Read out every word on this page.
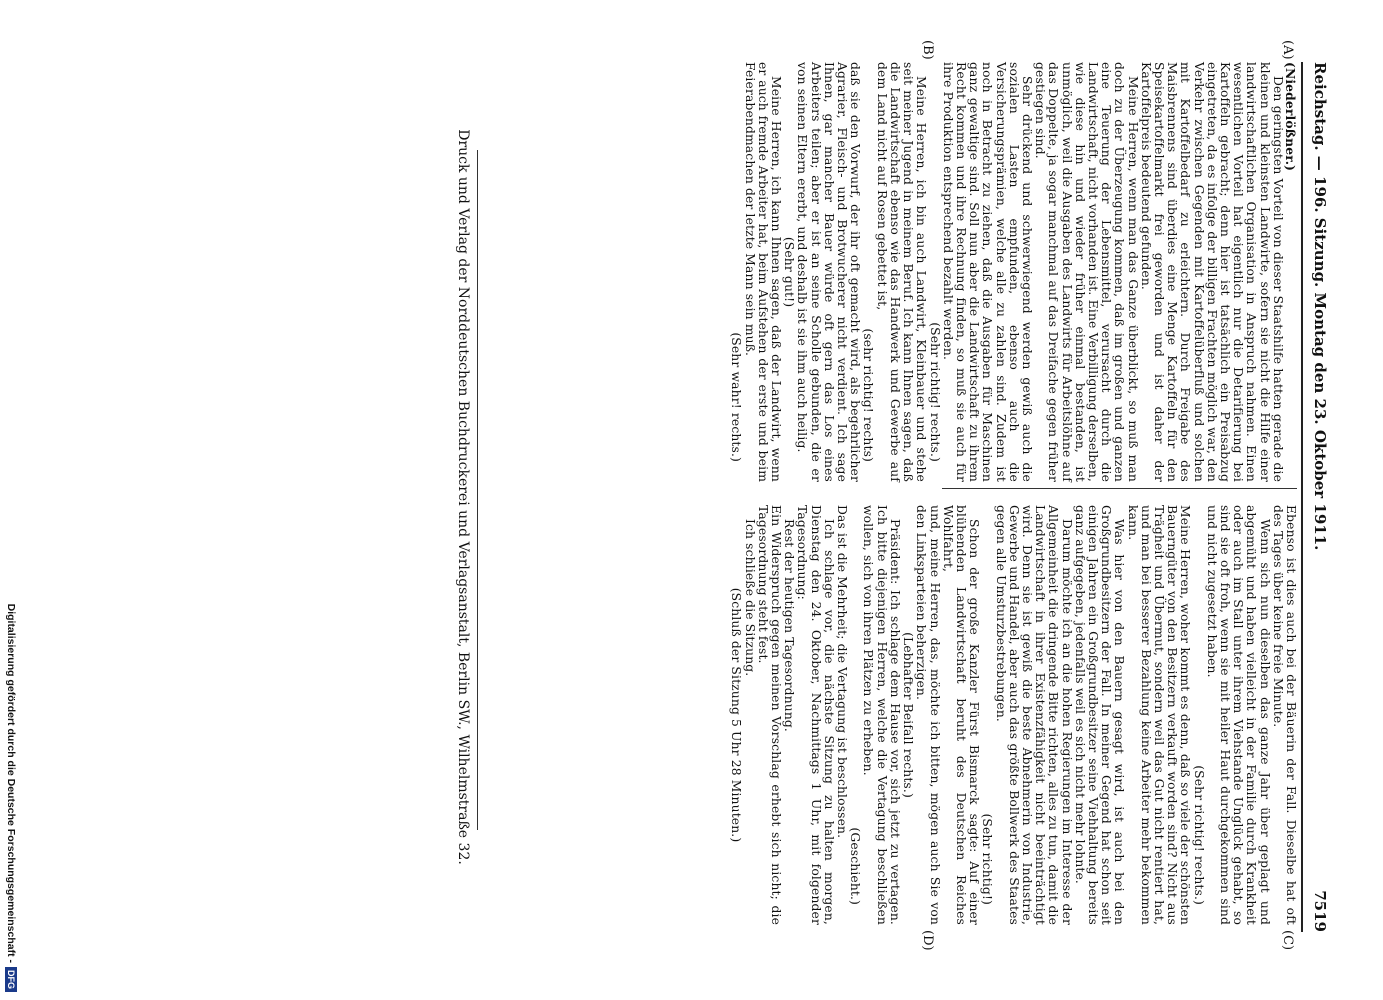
Reichstag. — 196. Sitzung. Montag den 23. Oktober 1911.
7519
(A)
(B)
(C)
(D)

(Niederlößner.)

Den geringsten Vorteil von dieser Staatshilfe hatten gerade die kleinen und kleinsten Landwirte, sofern sie nicht die Hilfe einer landwirtschaftlichen Organisation in Anspruch nahmen. Einen wesentlichen Vorteil hat eigentlich nur die Detarifierung bei Kartoffeln gebracht; denn hier ist tatsächlich ein Preisabzug eingetreten, da es infolge der billigen Frachten möglich war, den Verkehr zwischen Gegenden mit Kartoffelüberfluß und solchen mit Kartoffelbedarf zu erleichtern. Durch Freigabe des Maisbrennens sind überdies eine Menge Kartoffeln für den Speisekartoffelmarkt frei geworden und ist daher der Kartoffelpreis bedeutend gefunden.

Meine Herren, wenn man das Ganze überblickt, so muß man doch zu der Überzeugung kommen, daß im großen und ganzen eine Teuerung der Lebensmittel, verursacht durch die Landwirtschaft, nicht vorhanden ist. Eine Verbilligung derselben, wie diese hin und wieder früher einmal bestanden, ist unmöglich, weil die Ausgaben des Landwirts für Arbeitslöhne auf das Doppelte, ja sogar manchmal auf das Dreifache gegen früher gestiegen sind.

Sehr drückend und schwerwiegend werden gewiß auch die sozialen Lasten empfunden, ebenso auch die Versicherungsprämien, welche alle zu zahlen sind. Zudem ist noch in Betracht zu ziehen, daß die Ausgaben für Maschinen ganz gewaltige sind. Soll nun aber die Landwirtschaft zu ihrem Recht kommen und ihre Rechnung finden, so muß sie auch für ihre Produktion entsprechend bezahlt werden.

(Sehr richtig! rechts.)

Meine Herren, ich bin auch Landwirt, Kleinbauer und stehe seit meiner Jugend in meinem Beruf. Ich kann Ihnen sagen, daß die Landwirtschaft ebenso wie das Handwerk und Gewerbe auf dem Land nicht auf Rosen gebettet ist,

(sehr richtig! rechts)

daß sie den Vorwurf, der ihr oft gemacht wird, als begehrlicher Agrarier, Fleisch- und Brotwucherer nicht verdient. Ich sage Ihnen, gar mancher Bauer würde oft gern das Los eines Arbeiters teilen; aber er ist an seine Scholle gebunden, die er von seinen Eltern ererbt, und deshalb ist sie ihm auch heilig.

(Sehr gut!)

Meine Herren, ich kann Ihnen sagen, daß der Landwirt, wenn er auch fremde Arbeiter hat, beim Aufstehen der erste und beim Feierabendmachen der letzte Mann sein muß.

(Sehr wahr! rechts.)

Ebenso ist dies auch bei der Bäuerin der Fall. Dieselbe hat oft des Tages über keine freie Minute.

Wenn sich nun dieselben das ganze Jahr über geplagt und abgemüht und haben vielleicht in der Familie durch Krankheit oder auch im Stall unter ihrem Viehstande Unglück gehabt, so sind sie oft froh, wenn sie mit heiler Haut durchgekommen sind und nicht zugesetzt haben.

(Sehr richtig! rechts.)

Meine Herren, woher kommt es denn, daß so viele der schönsten Bauerngüter von den Besitzern verkauft worden sind? Nicht aus Trägheit und Übermut, sondern weil das Gut nicht rentiert hat, und man bei besserer Bezahlung keine Arbeiter mehr bekommen kann.

Was hier von den Bauern gesagt wird, ist auch bei den Großgrundbesitzern der Fall. In meiner Gegend hat schon seit einigen Jahren ein Großgrundbesitzer seine Viehhaltung bereits ganz aufgegeben, jedenfalls weil es sich nicht mehr lohnte.

Darum möchte ich an die hohen Regierungen im Interesse der Allgemeinheit die dringende Bitte richten, alles zu tun, damit die Landwirtschaft in ihrer Existenzfähigkeit nicht beeinträchtigt wird. Denn sie ist gewiß die beste Abnehmerin von Industrie, Gewerbe und Handel, aber auch das größte Bollwerk des Staates gegen alle Umsturzbestrebungen.

(Sehr richtig!)

Schon der große Kanzler Fürst Bismarck sagte: Auf einer blühenden Landwirtschaft beruht des Deutschen Reiches Wohlfahrt,

und, meine Herren, das, möchte ich bitten, mögen auch Sie von den Linksparteien beherzigen.

(Lebhafter Beifall rechts.)

Präsident: Ich schlage dem Hause vor, sich jetzt zu vertagen. Ich bitte diejenigen Herren, welche die Vertagung beschließen wollen, sich von ihren Plätzen zu erheben.

(Geschieht.)

Das ist die Mehrheit; die Vertagung ist beschlossen.

Ich schlage vor, die nächste Sitzung zu halten morgen, Dienstag den 24. Oktober, Nachmittags 1 Uhr, mit folgender Tagesordnung:

Rest der heutigen Tagesordnung.

Ein Widerspruch gegen meinen Vorschlag erhebt sich nicht; die Tagesordnung steht fest.

Ich schließe die Sitzung.

(Schluß der Sitzung 5 Uhr 28 Minuten.)

Druck und Verlag der Norddeutschen Buchdruckerei und Verlagsanstalt, Berlin SW., Wilhelmstraße 32.
Digitalisierung gefördert durch die Deutsche Forschungsgemeinschaft -
DFG
